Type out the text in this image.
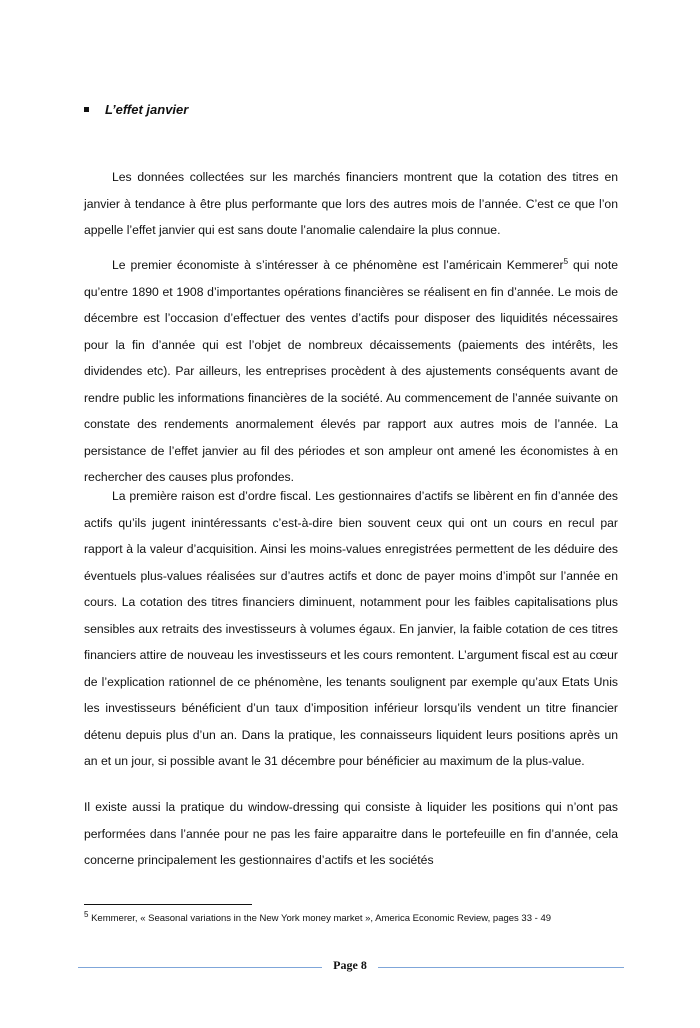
L’effet janvier

Les données collectées sur les marchés financiers montrent que la cotation des titres en janvier à tendance à être plus performante que lors des autres mois de l’année. C’est ce que l’on appelle l’effet janvier qui est sans doute l’anomalie calendaire la plus connue.

Le premier économiste à s’intéresser à ce phénomène est l’américain Kemmerer$^5$ qui note qu’entre 1890 et 1908 d’importantes opérations financières se réalisent en fin d’année. Le mois de décembre est l’occasion d’effectuer des ventes d’actifs pour disposer des liquidités nécessaires pour la fin d’année qui est l’objet de nombreux décaissements (paiements des intérêts, les dividendes etc). Par ailleurs, les entreprises procèdent à des ajustements conséquents avant de rendre public les informations financières de la société. Au commencement de l’année suivante on constate des rendements anormalement élevés par rapport aux autres mois de l’année. La persistance de l’effet janvier au fil des périodes et son ampleur ont amené les économistes à en rechercher des causes plus profondes.

La première raison est d’ordre fiscal. Les gestionnaires d’actifs se libèrent en fin d’année des actifs qu’ils jugent inintéressants c’est-à-dire bien souvent ceux qui ont un cours en recul par rapport à la valeur d’acquisition. Ainsi les moins-values enregistrées permettent de les déduire des éventuels plus-values réalisées sur d’autres actifs et donc de payer moins d’impôt sur l’année en cours. La cotation des titres financiers diminuent, notamment pour les faibles capitalisations plus sensibles aux retraits des investisseurs à volumes égaux. En janvier, la faible cotation de ces titres financiers attire de nouveau les investisseurs et les cours remontent. L’argument fiscal est au cœur de l’explication rationnel de ce phénomène, les tenants soulignent par exemple qu’aux Etats Unis les investisseurs bénéficient d’un taux d’imposition inférieur lorsqu’ils vendent un titre financier détenu depuis plus d’un an. Dans la pratique, les connaisseurs liquident leurs positions après un an et un jour, si possible avant le 31 décembre pour bénéficier au maximum de la plus-value.

Il existe aussi la pratique du window-dressing qui consiste à liquider les positions qui n’ont pas performées dans l’année pour ne pas les faire apparaitre dans le portefeuille en fin d’année, cela concerne principalement les gestionnaires d’actifs et les sociétés

$^5$ Kemmerer, « Seasonal variations in the New York money market », America Economic Review, pages 33 - 49
Page 8
